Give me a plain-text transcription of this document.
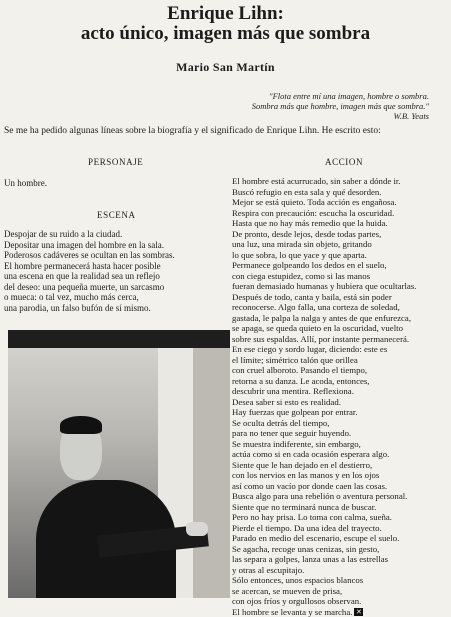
Enrique Lihn:
acto único, imagen más que sombra
Mario San Martín
"Flota entre mí una imagen, hombre o sombra.
Sombra más que hombre, imagen más que sombra."
W.B. Yeats
Se me ha pedido algunas líneas sobre la biografía y el significado de Enrique Lihn. He escrito esto:
PERSONAJE	ACCION
Un hombre.
ESCENA
Despojar de su ruido a la ciudad.
Depositar una imagen del hombre en la sala.
Poderosos cadáveres se ocultan en las sombras.
El hombre permanecerá hasta hacer posible
una escena en que la realidad sea un reflejo
del deseo: una pequeña muerte, un sarcasmo
o mueca: o tal vez, mucho más cerca,
una parodia, un falso bufón de sí mismo.
El hombre está acurrucado, sin saber a dónde ir.
Buscó refugio en esta sala y qué desorden.
Mejor se está quieto. Toda acción es engañosa.
Respira con precaución: escucha la oscuridad.
Hasta que no hay más remedio que la huida.
De pronto, desde lejos, desde todas partes,
una luz, una mirada sin objeto, gritando
lo que sobra, lo que yace y que aparta.
Permanece golpeando los dedos en el suelo,
con ciega estupidez, como si las manos
fueran demasiado humanas y hubiera que ocultarlas.
Después de todo, canta y baila, está sin poder
reconocerse. Algo falla, una corteza de soledad,
gastada, le palpa la nalga y antes de que enfurezca,
se apaga, se queda quieto en la oscuridad, vuelto
sobre sus espaldas. Allí, por instante permanecerá.
En ese ciego y sordo lugar, diciendo: este es
el límite; simétrico talón que orillea
con cruel alboroto. Pasando el tiempo,
retorna a su danza. Le acoda, entonces,
descubrir una mentira. Reflexiona.
Desea saber si esto es realidad.
Hay fuerzas que golpean por entrar.
Se oculta detrás del tiempo,
para no tener que seguir huyendo.
Se muestra indiferente, sin embargo,
actúa como si en cada ocasión esperara algo.
Siente que le han dejado en el destierro,
con los nervios en las manos y en los ojos
así como un vacío por donde caen las cosas.
Busca algo para una rebelión o aventura personal.
Siente que no terminará nunca de buscar.
Pero no hay prisa. Lo toma con calma, sueña.
Pierde el tiempo. Da una idea del trayecto.
Parado en medio del escenario, escupe el suelo.
Se agacha, recoge unas cenizas, sin gesto,
las separa a golpes, lanza unas a las estrellas
y otras al escupitajo.
Sólo entonces, unos espacios blancos
se acercan, se mueven de prisa,
con ojos fríos y orgullosos observan.
El hombre se levanta y se marcha. ✕
